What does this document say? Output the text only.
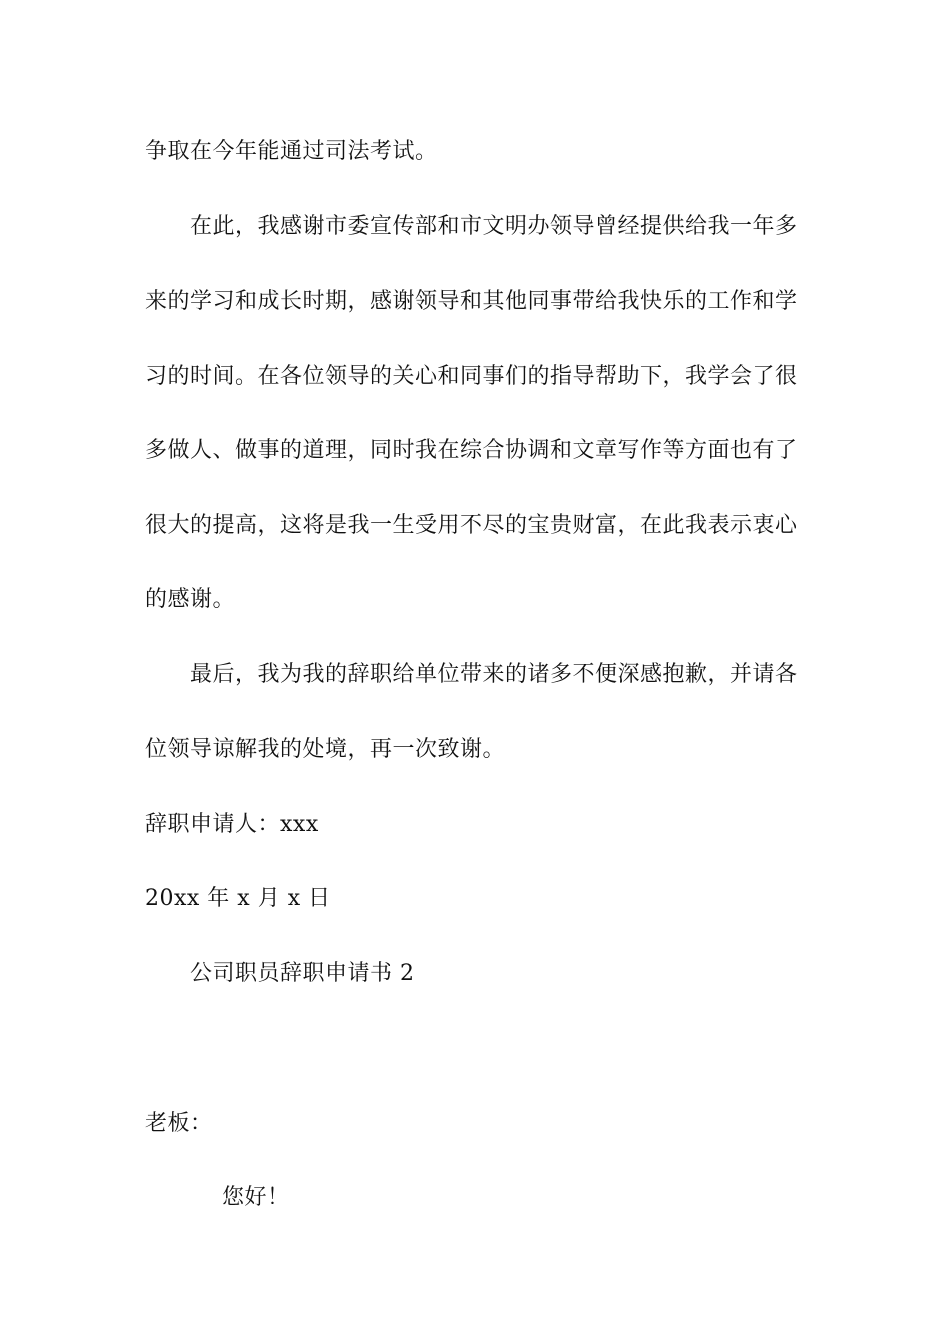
争取在今年能通过司法考试。
在此，我感谢市委宣传部和市文明办领导曾经提供给我一年多
来的学习和成长时期，感谢领导和其他同事带给我快乐的工作和学
习的时间。在各位领导的关心和同事们的指导帮助下，我学会了很
多做人、做事的道理，同时我在综合协调和文章写作等方面也有了
很大的提高，这将是我一生受用不尽的宝贵财富，在此我表示衷心
的感谢。
最后，我为我的辞职给单位带来的诸多不便深感抱歉，并请各
位领导谅解我的处境，再一次致谢。
辞职申请人：xxx
20xx 年 x 月 x 日
公司职员辞职申请书 2
老板：
您好！
